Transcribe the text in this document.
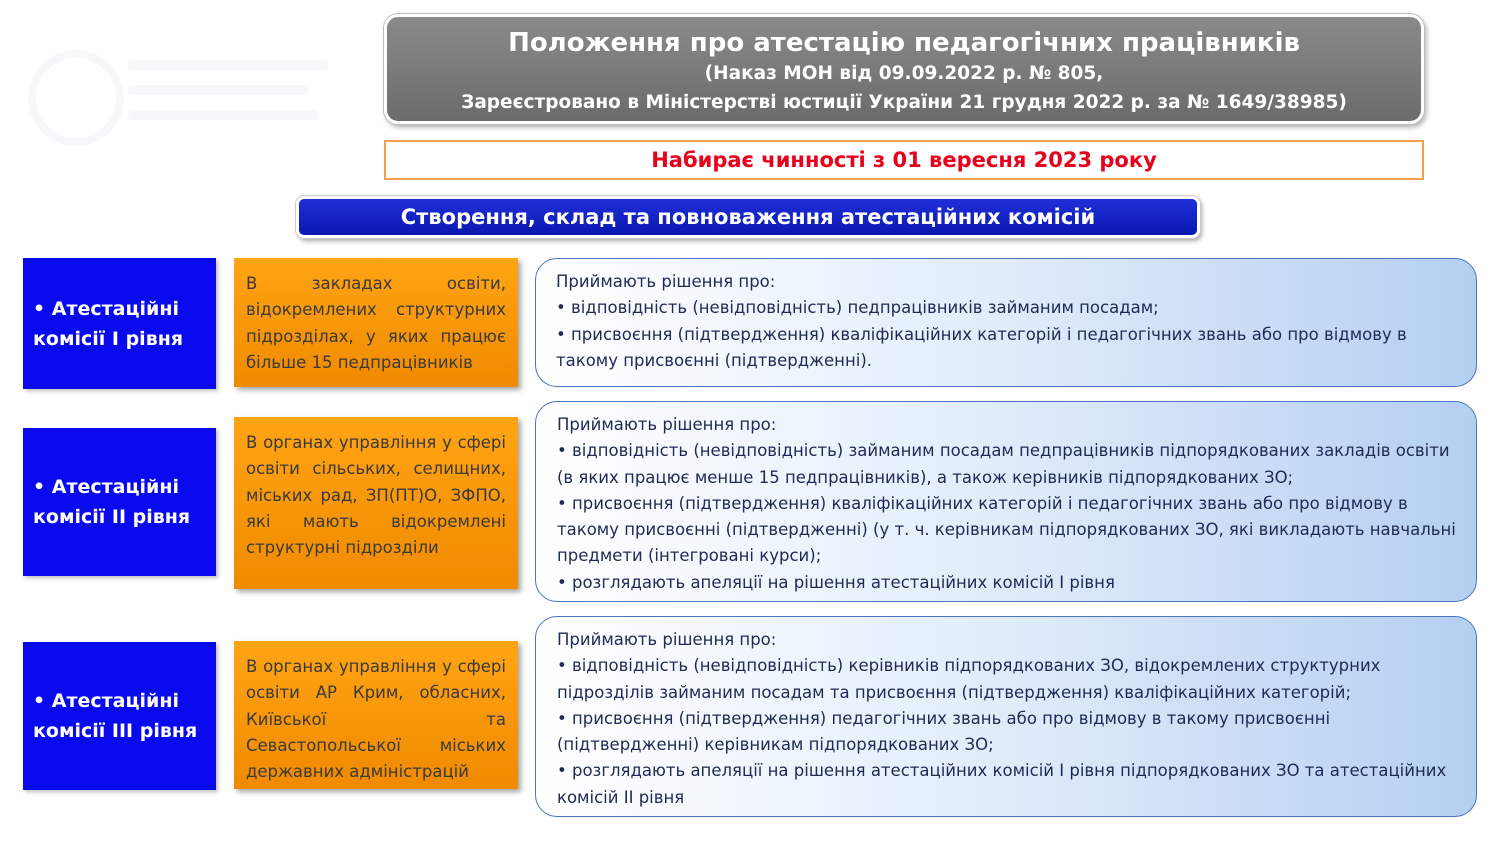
Положення про атестацію педагогічних працівників
(Наказ МОН від 09.09.2022 р. № 805,
Зареєстровано в Міністерстві юстиції України 21 грудня 2022 р. за № 1649/38985)
Набирає чинності з 01 вересня 2023 року
Створення, склад та повноваження атестаційних комісій
• Атестаційні комісії І рівня
В закладах освіти, відокремлених структурних підрозділах, у яких працює більше 15 педпрацівників
Приймають рішення про:
• відповідність (невідповідність) педпрацівників займаним посадам;
• присвоєння (підтвердження) кваліфікаційних категорій і педагогічних звань або про відмову в такому присвоєнні (підтвердженні).
• Атестаційні комісії ІІ рівня
В органах управління у сфері освіти сільських, селищних, міських рад, ЗП(ПТ)О, ЗФПО, які мають відокремлені структурні підрозділи
Приймають рішення про:
• відповідність (невідповідність) займаним посадам педпрацівників підпорядкованих закладів освіти (в яких працює менше 15 педпрацівників), а також керівників підпорядкованих ЗО;
• присвоєння (підтвердження) кваліфікаційних категорій і педагогічних звань або про відмову в такому присвоєнні (підтвердженні) (у т. ч. керівникам підпорядкованих ЗО, які викладають навчальні предмети (інтегровані курси);
• розглядають апеляції на рішення атестаційних комісій І рівня
• Атестаційні комісії ІІІ рівня
В органах управління у сфері освіти АР Крим, обласних, Київської та Севастопольської міських державних адміністрацій
Приймають рішення про:
• відповідність (невідповідність) керівників підпорядкованих ЗО, відокремлених структурних підрозділів займаним посадам та присвоєння (підтвердження) кваліфікаційних категорій;
• присвоєння (підтвердження) педагогічних звань або про відмову в такому присвоєнні (підтвердженні) керівникам підпорядкованих ЗО;
• розглядають апеляції на рішення атестаційних комісій І рівня підпорядкованих ЗО та атестаційних комісій ІІ рівня
